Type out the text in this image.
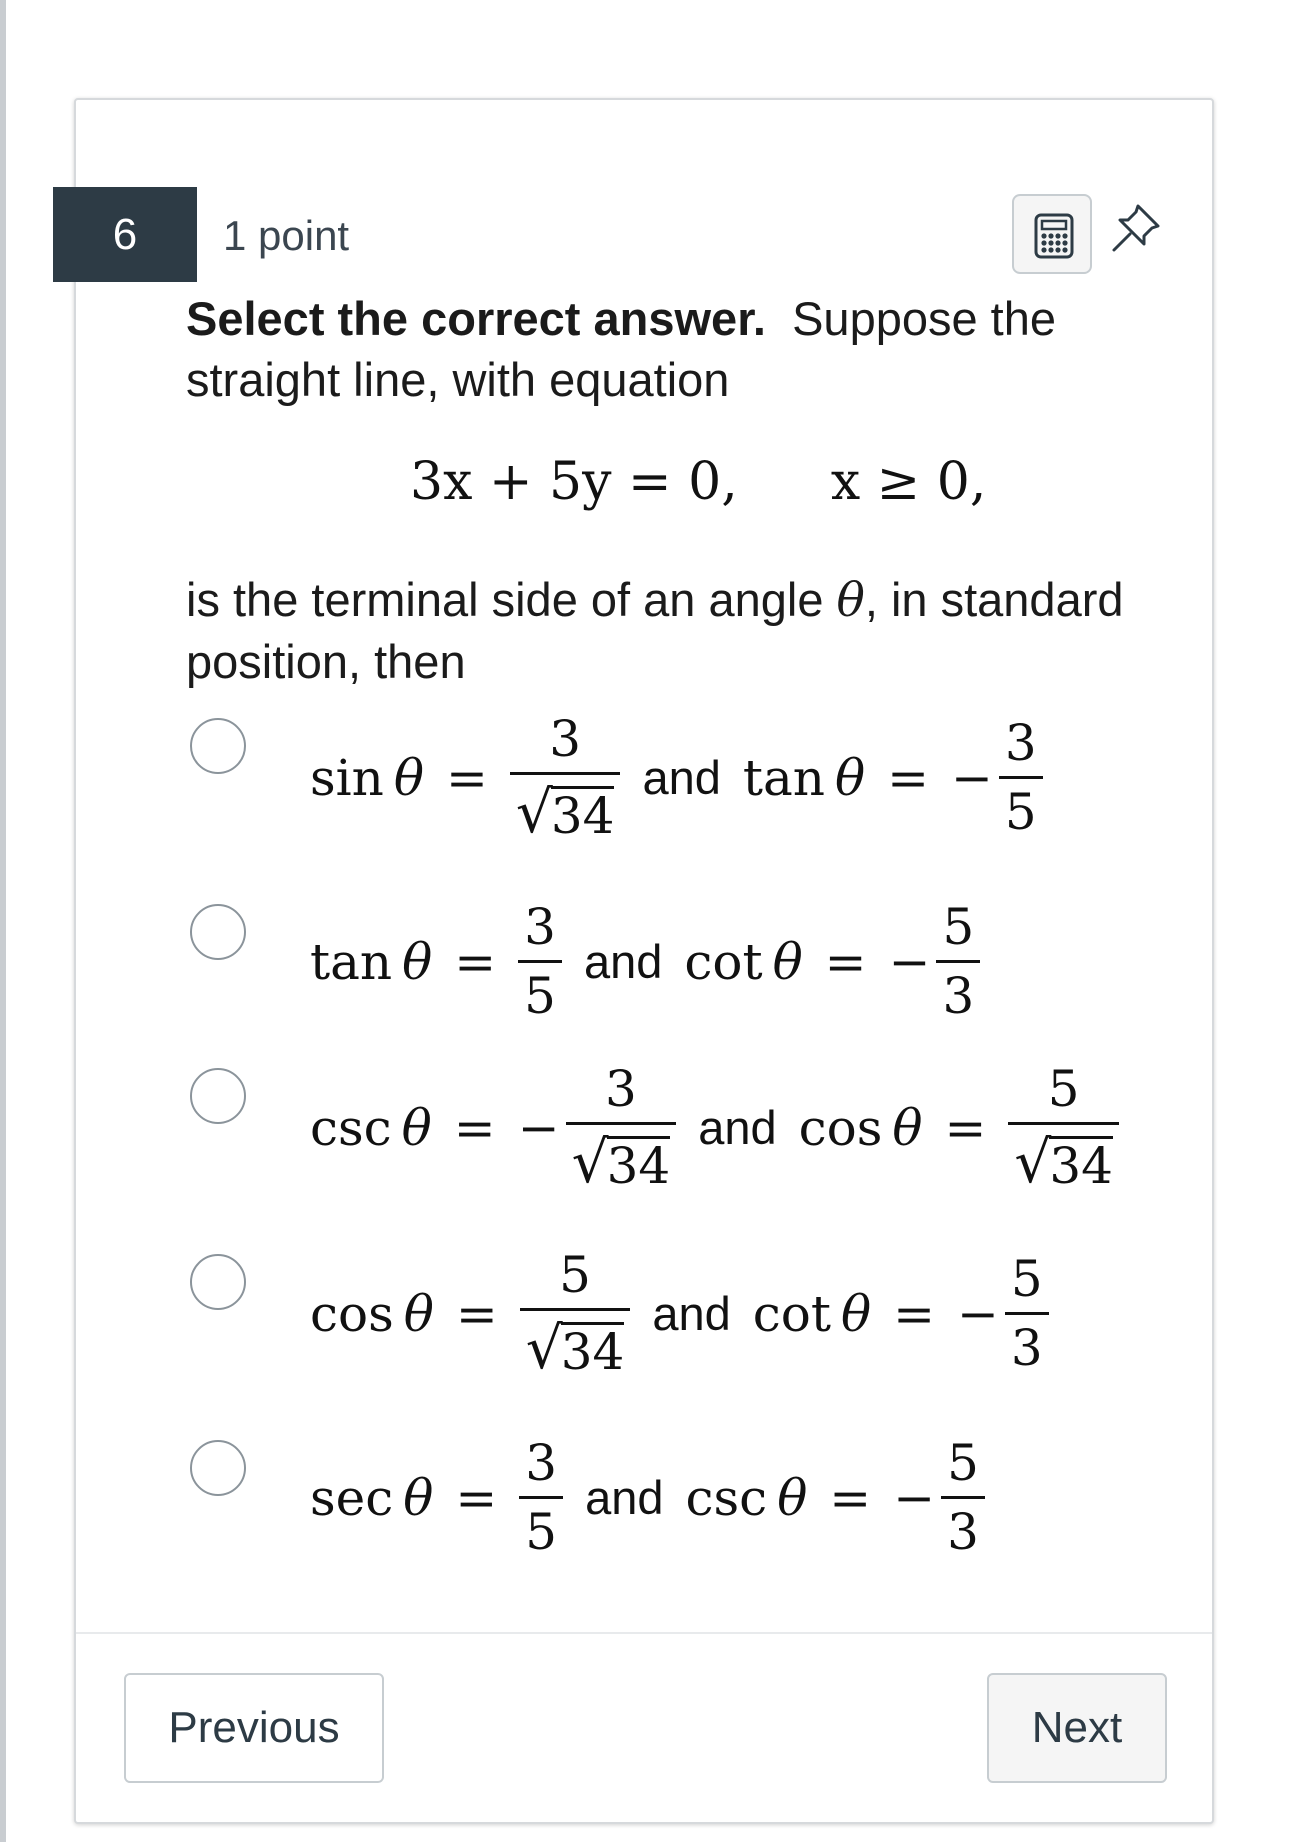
6	1 point
Select the correct answer. Suppose the straight line, with equation
3x + 5y = 0, x ≥ 0,
is the terminal side of an angle θ, in standard position, then
sin θ = 3
√
34 and tan θ = − $\frac{3}{5}$
$\tan \theta = \frac{3}{5}$ and cot θ = − $\frac{5}{3}$
csc θ = − 3
√
34 and cos θ = 5
√
34
cos θ = 5
√
34 and cot θ = − $\frac{5}{3}$
$\sec \theta = \frac{3}{5}$ and csc θ = − $\frac{5}{3}$
Previous	Next
